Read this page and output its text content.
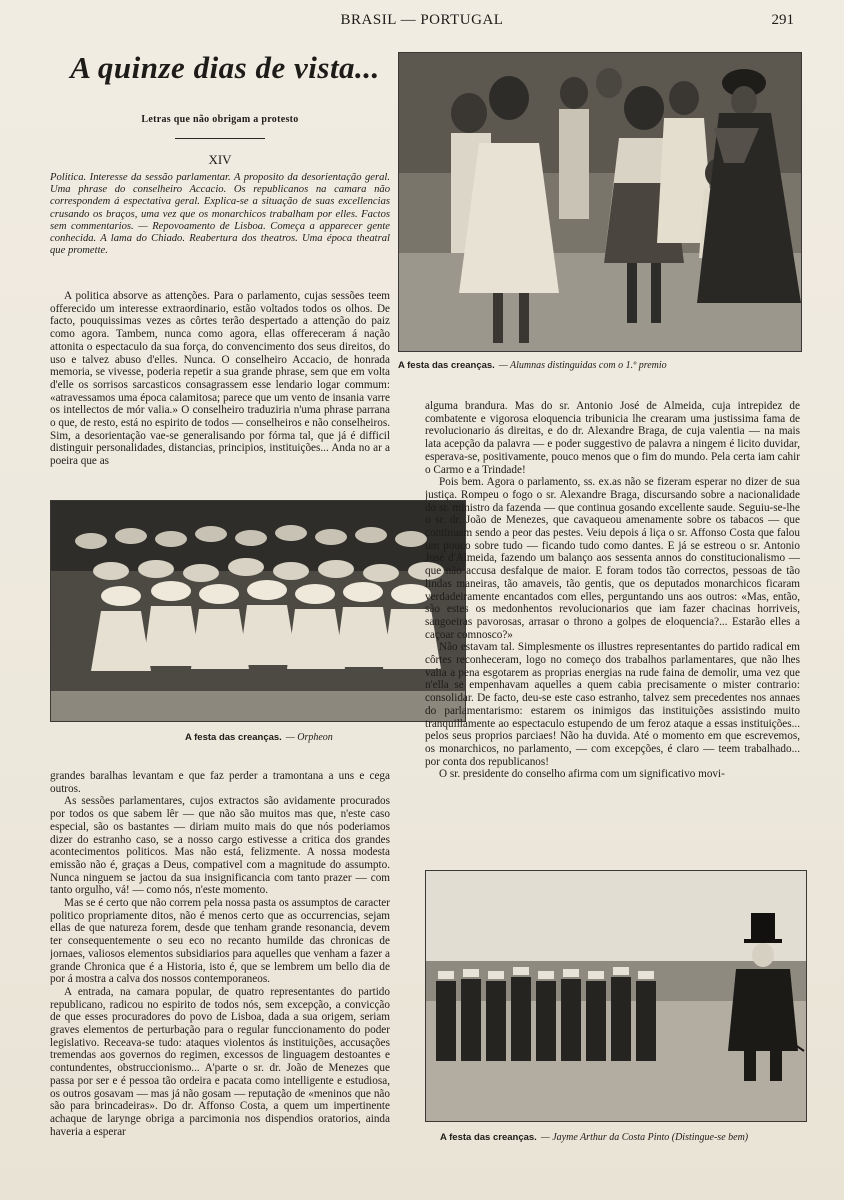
BRASIL — PORTUGAL	291
A quinze dias de vista...
Letras que não obrigam a protesto
XIV
Politica. Interesse da sessão parlamentar. A proposito da desorientação geral. Uma phrase do conselheiro Accacio. Os republicanos na camara não correspondem á espectativa geral. Explica-se a situação de suas excellencias crusando os braços, uma vez que os monarchicos trabalham por elles. Factos sem commentarios. — Repovoamento de Lisboa. Começa a apparecer gente conhecida. A lama do Chiado. Reabertura dos theatros. Uma época theatral que promette.

A politica absorve as attenções. Para o parlamento, cujas sessões teem offerecido um interesse extraordinario, estão voltados todos os olhos. De facto, pouquissimas vezes as côrtes terão despertado a attenção do paiz como agora. Tambem, nunca como agora, ellas offereceram á nação attonita o espectaculo da sua força, do convencimento dos seus direitos, do uso e talvez abuso d'elles. Nunca. O conselheiro Accacio, de honrada memoria, se vivesse, poderia repetir a sua grande phrase, sem que em volta d'elle os sorrisos sarcasticos consagrassem esse lendario logar commum: «atravessamos uma época calamitosa; parece que um vento de insania varre os intellectos de mór valia.» O conselheiro traduziria n'uma phrase parrana o que, de resto, está no espirito de todos — conselheiros e não conselheiros. Sim, a desorientação vae-se generalisando por fórma tal, que já é difficil distinguir personalidades, distancias, principios, instituições... Anda no ar a poeira que as

A festa das creanças. — Alumnas distinguidas com o 1.º premio
A festa das creanças. — Orpheon

grandes baralhas levantam e que faz perder a tramontana a uns e cega outros.

As sessões parlamentares, cujos extractos são avidamente procurados por todos os que sabem lêr — que não são muitos mas que, n'este caso especial, são os bastantes — diriam muito mais do que nós poderiamos dizer do estranho caso, se a nosso cargo estivesse a critica dos grandes acontecimentos politicos. Mas não está, felizmente. A nossa modesta emissão não é, graças a Deus, compativel com a magnitude do assumpto. Nunca ninguem se jactou da sua insignificancia com tanto prazer — com tanto orgulho, vá! — como nós, n'este momento.

Mas se é certo que não correm pela nossa pasta os assumptos de caracter politico propriamente ditos, não é menos certo que as occurrencias, sejam ellas de que natureza forem, desde que tenham grande resonancia, devem ter consequentemente o seu eco no recanto humilde das chronicas de jornaes, valiosos elementos subsidiarios para aquelles que venham a fazer a grande Chronica que é a Historia, isto é, que se lembrem um bello dia de por á mostra a calva dos nossos contemporaneos.

A entrada, na camara popular, de quatro representantes do partido republicano, radicou no espirito de todos nós, sem excepção, a convicção de que esses procuradores do povo de Lisboa, dada a sua origem, seriam graves elementos de perturbação para o regular funccionamento do poder legislativo. Receava-se tudo: ataques violentos ás instituições, accusações tremendas aos governos do regimen, excessos de linguagem destoantes e contundentes, obstruccionismo... A'parte o sr. dr. João de Menezes que passa por ser e é pessoa tão ordeira e pacata como intelligente e estudiosa, os outros gosavam — mas já não gosam — reputação de «meninos que não são para brincadeiras». Do dr. Affonso Costa, a quem um impertinente achaque de larynge obriga a parcimonia nos dispendios oratorios, ainda haveria a esperar

alguma brandura. Mas do sr. Antonio José de Almeida, cuja intrepidez de combatente e vigorosa eloquencia tribunicia lhe crearam uma justissima fama de revolucionario ás direitas, e do dr. Alexandre Braga, de cuja valentia — na mais lata acepção da palavra — e poder suggestivo de palavra a ningem é licito duvidar, esperava-se, positivamente, pouco menos que o fim do mundo. Pela certa iam cahir o Carmo e a Trindade!

Pois bem. Agora o parlamento, ss. ex.as não se fizeram esperar no dizer de sua justiça. Rompeu o fogo o sr. Alexandre Braga, discursando sobre a nacionalidade do sr. ministro da fazenda — que continua gosando excellente saude. Seguiu-se-lhe o sr. dr. João de Menezes, que cavaqueou amenamente sobre os tabacos — que continuam sendo a peor das pestes. Veiu depois á liça o sr. Affonso Costa que falou um pouco sobre tudo — ficando tudo como dantes. E já se estreou o sr. Antonio José d'Almeida, fazendo um balanço aos sessenta annos do constitucionalismo — que não accusa desfalque de maior. E foram todos tão correctos, pessoas de tão lindas maneiras, tão amaveis, tão gentis, que os deputados monarchicos ficaram verdadeiramente encantados com elles, perguntando uns aos outros: «Mas, então, são estes os medonhentos revolucionarios que iam fazer chacinas horriveis, sangoeiras pavorosas, arrasar o throno a golpes de eloquencia?... Estarão elles a caçoar comnosco?»

Não estavam tal. Simplesmente os illustres representantes do partido radical em côrtes reconheceram, logo no começo dos trabalhos parlamentares, que não lhes valia a pena esgotarem as proprias energias na rude faina de demolir, uma vez que n'ella se empenhavam aquelles a quem cabia precisamente o mister contrario: consolidar. De facto, deu-se este caso estranho, talvez sem precedentes nos annaes do parlamentarismo: estarem os inimigos das instituições assistindo muito tranquillamente ao espectaculo estupendo de um feroz ataque a essas instituições... pelos seus proprios parciaes! Não ha duvida. Até o momento em que escrevemos, os monarchicos, no parlamento, — com excepções, é claro — teem trabalhado... por conta dos republicanos!

O sr. presidente do conselho afirma com um significativo movi-

A festa das creanças. — Jayme Arthur da Costa Pinto (Distingue-se bem)
